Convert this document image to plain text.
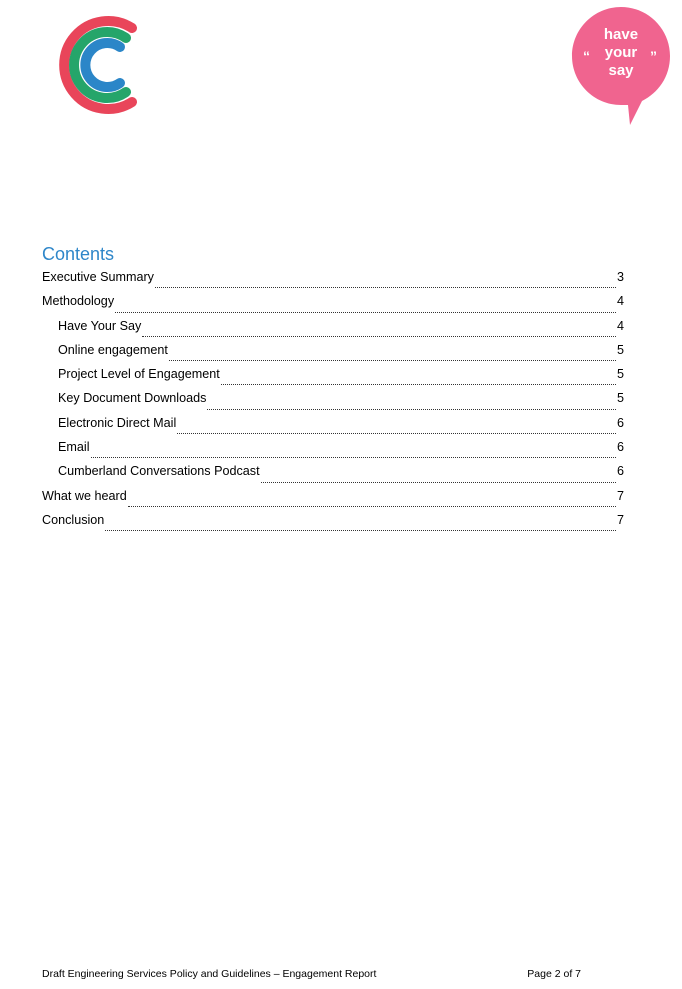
“	”
have
your
say
Contents
Executive Summary	3
Methodology	4
Have Your Say	4
Online engagement	5
Project Level of Engagement	5
Key Document Downloads	5
Electronic Direct Mail	6
Email	6
Cumberland Conversations Podcast	6
What we heard	7
Conclusion	7
Draft Engineering Services Policy and Guidelines – Engagement Report	Page 2 of 7
